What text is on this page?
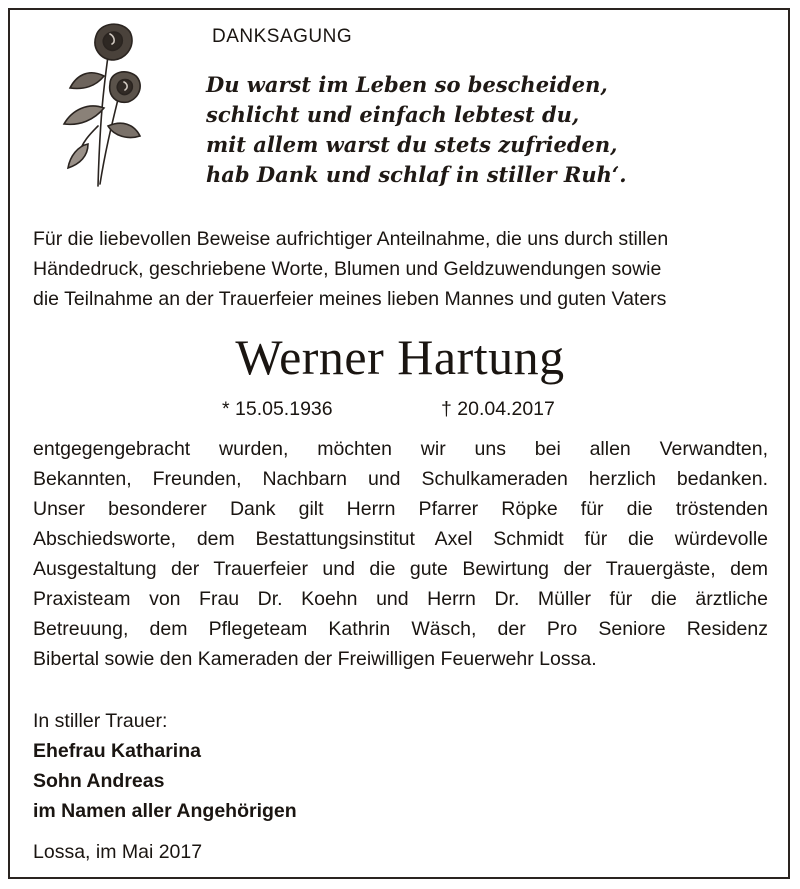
DANKSAGUNG
Du warst im Leben so bescheiden,
schlicht und einfach lebtest du,
mit allem warst du stets zufrieden,
hab Dank und schlaf in stiller Ruh‘.
Für die liebevollen Beweise aufrichtiger Anteilnahme, die uns durch stillen
Händedruck, geschriebene Worte, Blumen und Geldzuwendungen sowie
die Teilnahme an der Trauerfeier meines lieben Mannes und guten Vaters
Werner Hartung
* 15.05.1936	† 20.04.2017
entgegengebracht wurden, möchten wir uns bei allen Verwandten,
Bekannten, Freunden, Nachbarn und Schulkameraden herzlich bedanken.
Unser besonderer Dank gilt Herrn Pfarrer Röpke für die tröstenden
Abschiedsworte, dem Bestattungsinstitut Axel Schmidt für die würdevolle
Ausgestaltung der Trauerfeier und die gute Bewirtung der Trauergäste, dem
Praxisteam von Frau Dr. Koehn und Herrn Dr. Müller für die ärztliche
Betreuung, dem Pflegeteam Kathrin Wäsch, der Pro Seniore Residenz
Bibertal sowie den Kameraden der Freiwilligen Feuerwehr Lossa.
In stiller Trauer:
Ehefrau Katharina
Sohn Andreas
im Namen aller Angehörigen
Lossa, im Mai 2017
